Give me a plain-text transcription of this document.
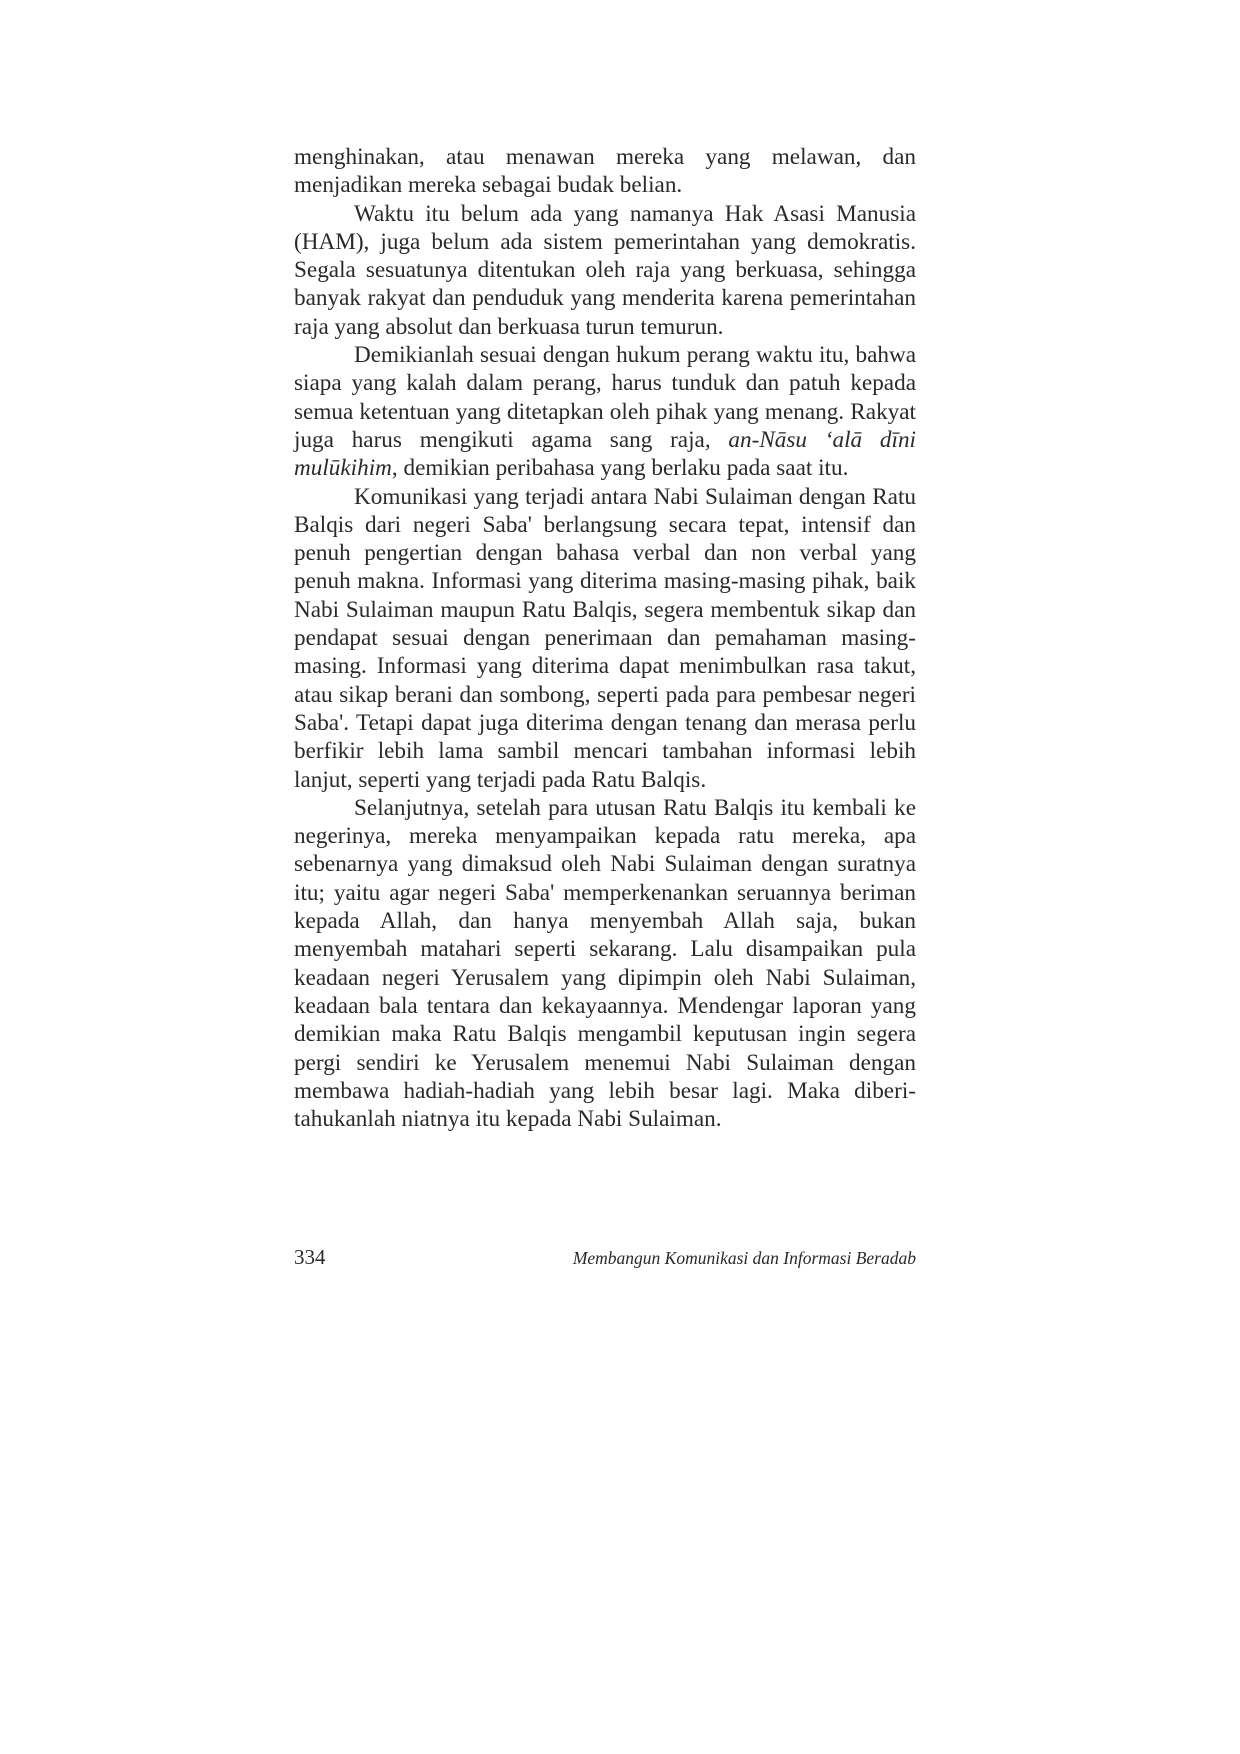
menghinakan, atau menawan mereka yang melawan, dan menjadikan mereka sebagai budak belian.

Waktu itu belum ada yang namanya Hak Asasi Manusia (HAM), juga belum ada sistem pemerintahan yang demokratis. Segala sesuatunya ditentukan oleh raja yang berkuasa, sehingga banyak rakyat dan penduduk yang menderita karena pemerintahan raja yang absolut dan berkuasa turun temurun.

Demikianlah sesuai dengan hukum perang waktu itu, bahwa siapa yang kalah dalam perang, harus tunduk dan patuh kepada semua ketentuan yang ditetapkan oleh pihak yang menang. Rakyat juga harus mengikuti agama sang raja, an-Nāsu ‘alā dīni mulūkihim, demikian peribahasa yang berlaku pada saat itu.

Komunikasi yang terjadi antara Nabi Sulaiman dengan Ratu Balqis dari negeri Saba' berlangsung secara tepat, intensif dan penuh pengertian dengan bahasa verbal dan non verbal yang penuh makna. Informasi yang diterima masing-masing pihak, baik Nabi Sulaiman maupun Ratu Balqis, segera membentuk sikap dan pendapat sesuai dengan penerimaan dan pemahaman masing-masing. Informasi yang diterima dapat menimbulkan rasa takut, atau sikap berani dan sombong, seperti pada para pembesar negeri Saba'. Tetapi dapat juga diterima dengan tenang dan merasa perlu berfikir lebih lama sambil mencari tambahan informasi lebih lanjut, seperti yang terjadi pada Ratu Balqis.

Selanjutnya, setelah para utusan Ratu Balqis itu kembali ke negerinya, mereka menyampaikan kepada ratu mereka, apa sebenarnya yang dimaksud oleh Nabi Sulaiman dengan suratnya itu; yaitu agar negeri Saba' memperkenankan seruannya beriman kepada Allah, dan hanya menyembah Allah saja, bukan menyembah matahari seperti sekarang. Lalu disampaikan pula keadaan negeri Yerusalem yang dipimpin oleh Nabi Sulaiman, keadaan bala tentara dan kekayaannya. Mendengar laporan yang demikian maka Ratu Balqis mengambil keputusan ingin segera pergi sendiri ke Yerusalem menemui Nabi Sulaiman dengan membawa hadiah-hadiah yang lebih besar lagi. Maka diberitahukanlah niatnya itu kepada Nabi Sulaiman.

334	Membangun Komunikasi dan Informasi Beradab
